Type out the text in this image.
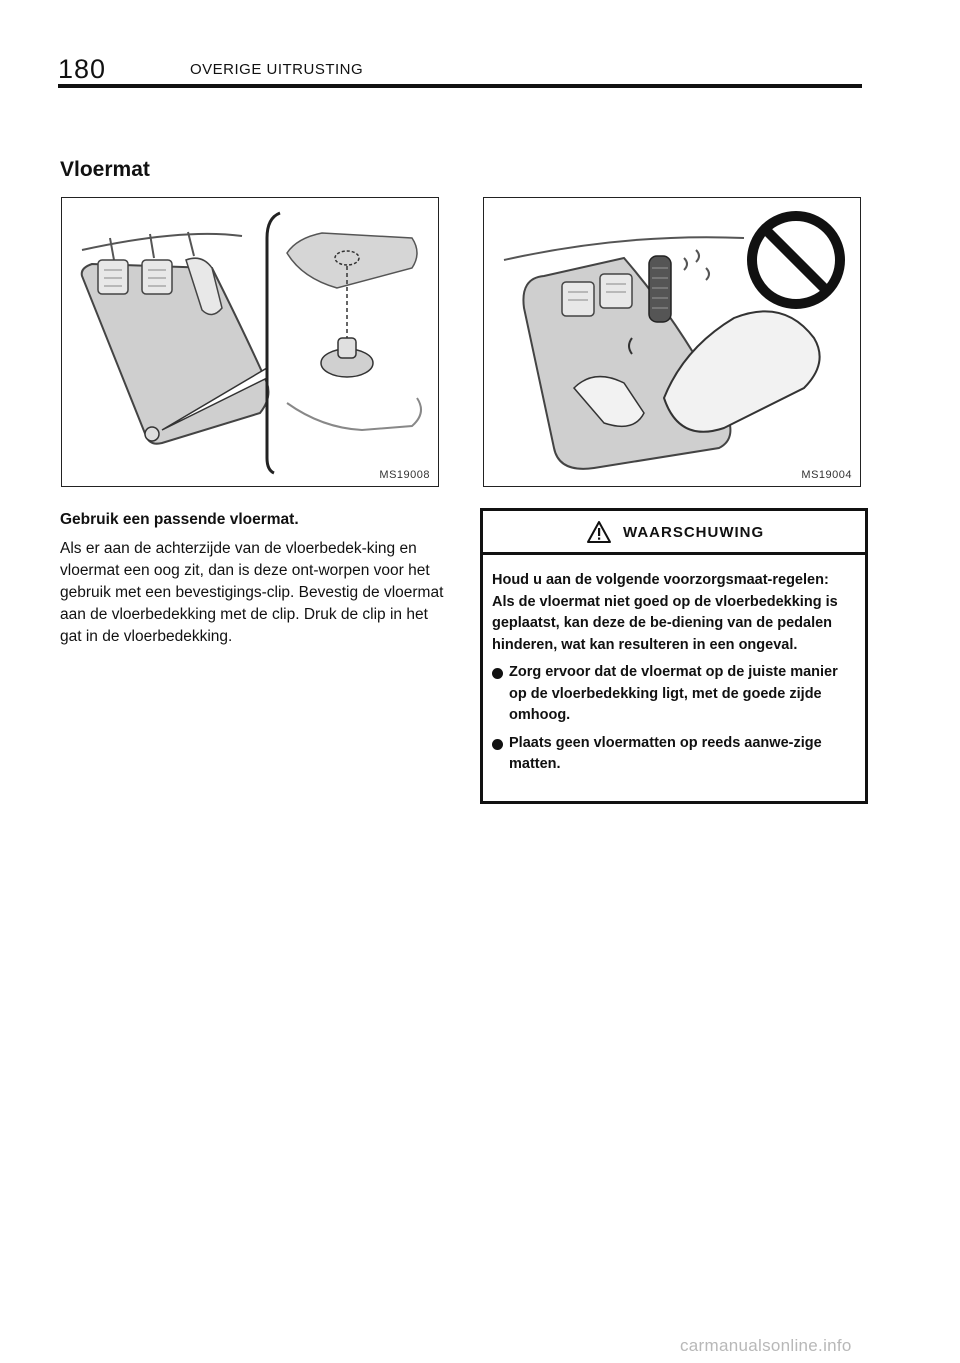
180	OVERIGE UITRUSTING
Vloermat
MS19008	MS19004

Gebruik een passende vloermat.

Als er aan de achterzijde van de vloerbedek-king en vloermat een oog zit, dan is deze ont-worpen voor het gebruik met een bevestigings-clip. Bevestig de vloermat aan de vloerbedekking met de clip. Druk de clip in het gat in de vloerbedekking.

WAARSCHUWING

Houd u aan de volgende voorzorgsmaat-regelen: Als de vloermat niet goed op de vloerbedekking is geplaatst, kan deze de be-diening van de pedalen hinderen, wat kan resulteren in een ongeval.

Zorg ervoor dat de vloermat op de juiste manier op de vloerbedekking ligt, met de goede zijde omhoog.
Plaats geen vloermatten op reeds aanwe-zige matten.
carmanualsonline.info
